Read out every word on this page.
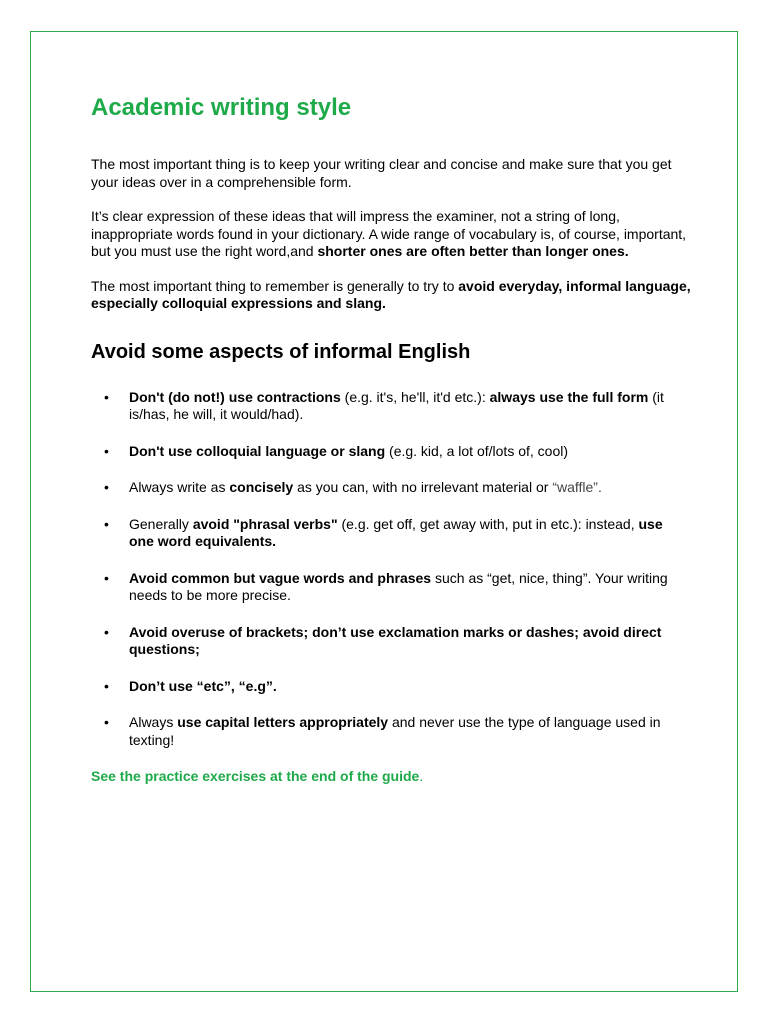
Academic writing style

The most important thing is to keep your writing clear and concise and make sure that you get your ideas over in a comprehensible form.

It’s clear expression of these ideas that will impress the examiner, not a string of long, inappropriate words found in your dictionary. A wide range of vocabulary is, of course, important, but you must use the right word,and shorter ones are often better than longer ones.

The most important thing to remember is generally to try to avoid everyday, informal language, especially colloquial expressions and slang.

Avoid some aspects of informal English
• Don't (do not!) use contractions (e.g. it's, he'll, it'd etc.): always use the full form (it is/has, he will, it would/had).
• Don't use colloquial language or slang (e.g. kid, a lot of/lots of, cool)
• Always write as concisely as you can, with no irrelevant material or “waffle”.
• Generally avoid "phrasal verbs" (e.g. get off, get away with, put in etc.): instead, use one word equivalents.
• Avoid common but vague words and phrases such as “get, nice, thing”. Your writing needs to be more precise.
• Avoid overuse of brackets; don’t use exclamation marks or dashes; avoid direct questions;
• Don’t use “etc”, “e.g”.
• Always use capital letters appropriately and never use the type of language used in texting!
See the practice exercises at the end of the guide.
